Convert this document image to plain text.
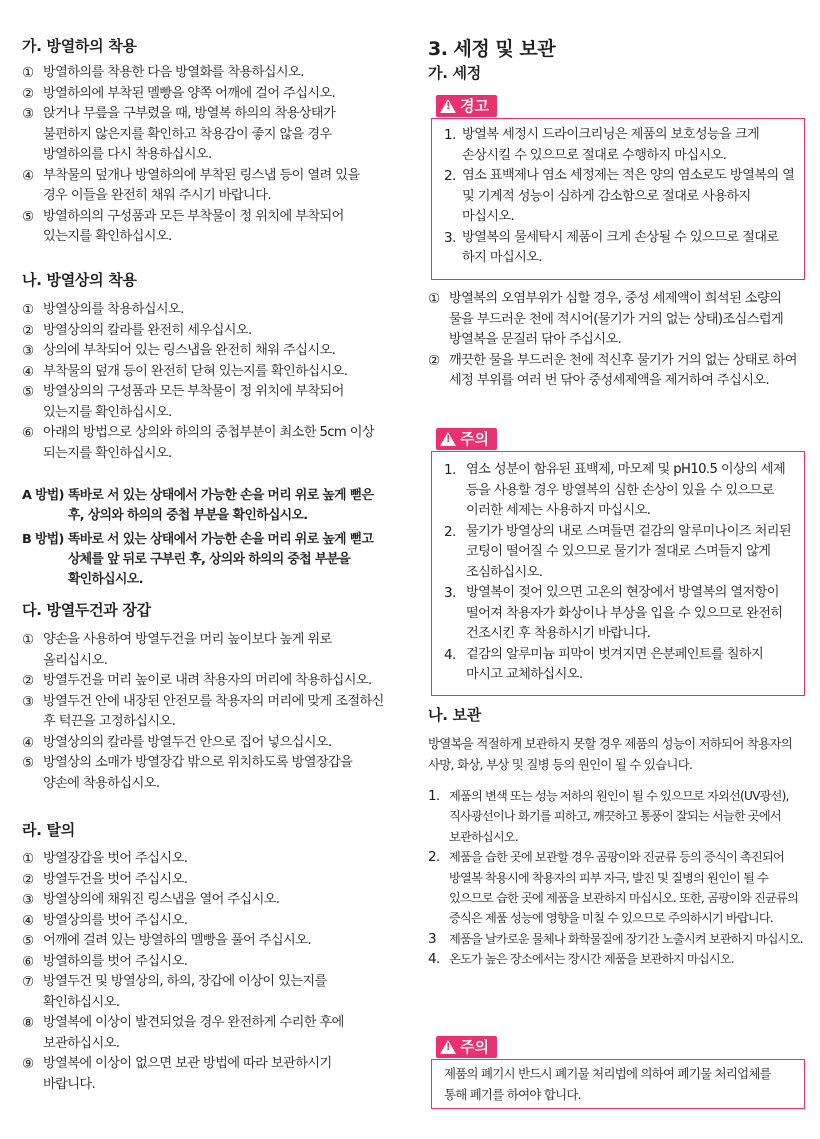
가. 방열하의 착용
① 방열하의를 착용한 다음 방열화를 착용하십시오.
② 방열하의에 부착된 멜빵을 양쪽 어깨에 걸어 주십시오.
③ 앉거나 무릎을 구부렸을 때, 방열복 하의의 착용상태가 불편하지 않은지를 확인하고 착용감이 좋지 않을 경우 방열하의를 다시 착용하십시오.
④ 부착물의 덮개나 방열하의에 부착된 링스냅 등이 열려 있을 경우 이들을 완전히 채워 주시기 바랍니다.
⑤ 방열하의의 구성품과 모든 부착물이 정 위치에 부착되어 있는지를 확인하십시오.
나. 방열상의 착용
① 방열상의를 착용하십시오.
② 방열상의의 칼라를 완전히 세우십시오.
③ 상의에 부착되어 있는 링스냅을 완전히 채워 주십시오.
④ 부착물의 덮개 등이 완전히 닫혀 있는지를 확인하십시오.
⑤ 방열상의의 구성품과 모든 부착물이 정 위치에 부착되어 있는지를 확인하십시오.
⑥ 아래의 방법으로 상의와 하의의 중첩부분이 최소한 5cm 이상 되는지를 확인하십시오.

A 방법) 똑바로 서 있는 상태에서 가능한 손을 머리 위로 높게 뻗은 후, 상의와 하의의 중첩 부분을 확인하십시오.

B 방법) 똑바로 서 있는 상태에서 가능한 손을 머리 위로 높게 뻗고 상체를 앞 뒤로 구부린 후, 상의와 하의의 중첩 부분을 확인하십시오.

다. 방열두건과 장갑
① 양손을 사용하여 방열두건을 머리 높이보다 높게 위로 올리십시오.
② 방열두건을 머리 높이로 내려 착용자의 머리에 착용하십시오.
③ 방열두건 안에 내장된 안전모를 착용자의 머리에 맞게 조절하신 후 턱끈을 고정하십시오.
④ 방열상의의 칼라를 방열두건 안으로 집어 넣으십시오.
⑤ 방열상의 소매가 방열장갑 밖으로 위치하도록 방열장갑을 양손에 착용하십시오.
라. 탈의
① 방열장갑을 벗어 주십시오.
② 방열두건을 벗어 주십시오.
③ 방열상의에 채워진 링스냅을 열어 주십시오.
④ 방열상의를 벗어 주십시오.
⑤ 어깨에 걸려 있는 방열하의 멜빵을 풀어 주십시오.
⑥ 방열하의를 벗어 주십시오.
⑦ 방열두건 및 방열상의, 하의, 장갑에 이상이 있는지를 확인하십시오.
⑧ 방열복에 이상이 발견되었을 경우 완전하게 수리한 후에 보관하십시오.
⑨ 방열복에 이상이 없으면 보관 방법에 따라 보관하시기 바랍니다.
3. 세정 및 보관
가. 세정
!
경고
1. 방열복 세정시 드라이크리닝은 제품의 보호성능을 크게 손상시킬 수 있으므로 절대로 수행하지 마십시오.
2. 염소 표백제나 염소 세정제는 적은 양의 염소로도 방열복의 열 및 기계적 성능이 심하게 감소함으로 절대로 사용하지 마십시오.
3. 방열복의 물세탁시 제품이 크게 손상될 수 있으므로 절대로 하지 마십시오.
① 방열복의 오염부위가 심할 경우, 중성 세제액이 희석된 소량의 물을 부드러운 천에 적시어(물기가 거의 없는 상태)조심스럽게 방열복을 문질러 닦아 주십시오.
② 깨끗한 물을 부드러운 천에 적신후 물기가 거의 없는 상태로 하여 세정 부위를 여러 번 닦아 중성세제액을 제거하여 주십시오.
!
주의
1. 염소 성분이 함유된 표백제, 마모제 및 pH10.5 이상의 세제 등을 사용할 경우 방열복의 심한 손상이 있을 수 있으므로 이러한 세제는 사용하지 마십시오.
2. 물기가 방열상의 내로 스며들면 겉감의 알루미나이즈 처리된 코팅이 떨어질 수 있으므로 물기가 절대로 스며들지 않게 조심하십시오.
3. 방열복이 젖어 있으면 고온의 현장에서 방열복의 열저항이 떨어져 착용자가 화상이나 부상을 입을 수 있으므로 완전히 건조시킨 후 착용하시기 바랍니다.
4. 겉감의 알루미늄 피막이 벗겨지면 은분페인트를 칠하지 마시고 교체하십시오.
나. 보관

방열복을 적절하게 보관하지 못할 경우 제품의 성능이 저하되어 착용자의 사망, 화상, 부상 및 질병 등의 원인이 될 수 있습니다.

1. 제품의 변색 또는 성능 저하의 원인이 될 수 있으므로 자외선(UV광선), 직사광선이나 화기를 피하고, 깨끗하고 통풍이 잘되는 서늘한 곳에서 보관하십시오.
2. 제품을 습한 곳에 보관할 경우 곰팡이와 진균류 등의 증식이 촉진되어 방열복 착용시에 착용자의 피부 자극, 발진 및 질병의 원인이 될 수 있으므로 습한 곳에 제품을 보관하지 마십시오. 또한, 곰팡이와 진균류의 증식은 제품 성능에 영향을 미칠 수 있으므로 주의하시기 바랍니다.
3 제품을 날카로운 물체나 화학물질에 장기간 노출시켜 보관하지 마십시오.
4. 온도가 높은 장소에서는 장시간 제품을 보관하지 마십시오.
!
주의

제품의 폐기시 반드시 폐기물 처리법에 의하여 폐기물 처리업체를 통해 폐기를 하여야 합니다.
